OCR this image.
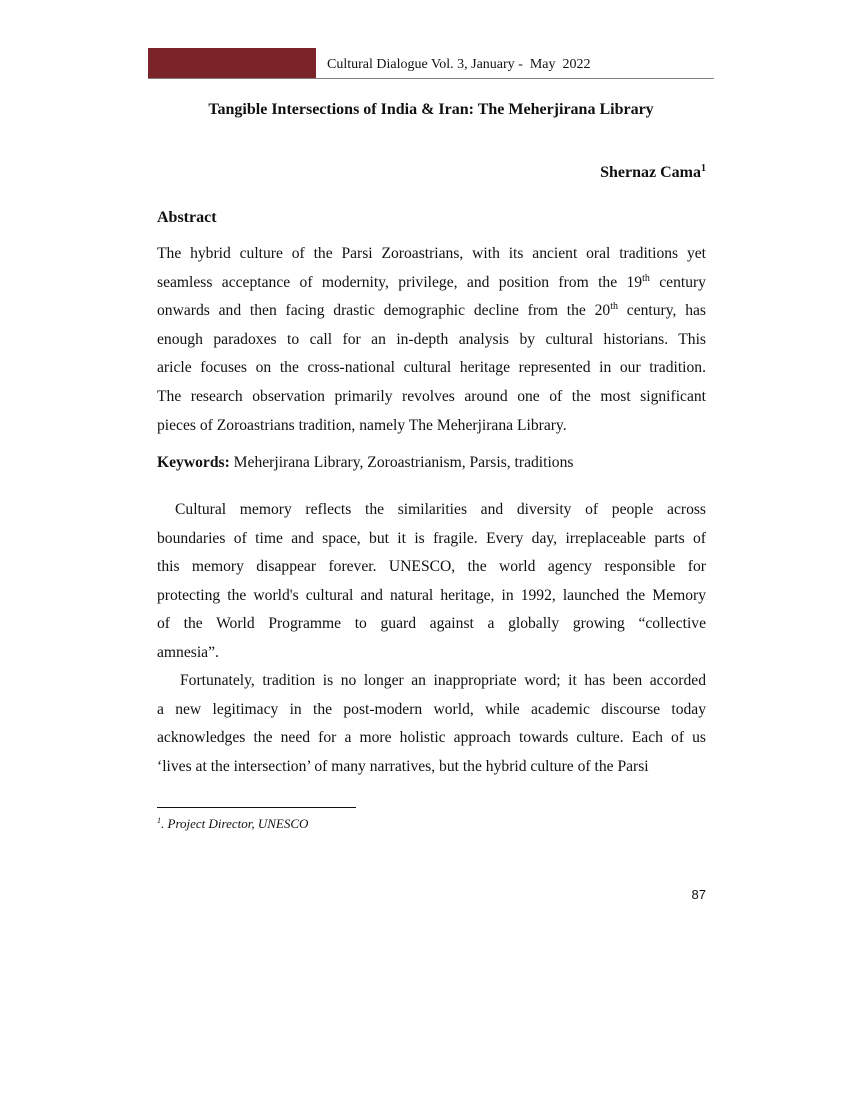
Cultural Dialogue Vol. 3, January -  May  2022
Tangible Intersections of India & Iran: The Meherjirana Library
Shernaz Cama$^1$
Abstract
The hybrid culture of the Parsi Zoroastrians, with its ancient oral traditions yet
seamless acceptance of modernity, privilege, and position from the 19th century
onwards and then facing drastic demographic decline from the 20th century, has
enough paradoxes to call for an in-depth analysis by cultural historians. This
aricle focuses on the cross-national cultural heritage represented in our tradition.
The research observation primarily revolves around one of the most significant
pieces of Zoroastrians tradition, namely The Meherjirana Library.
Keywords: Meherjirana Library, Zoroastrianism, Parsis, traditions
Cultural memory reflects the similarities and diversity of people across
boundaries of time and space, but it is fragile. Every day, irreplaceable parts of
this memory disappear forever. UNESCO, the world agency responsible for
protecting the world's cultural and natural heritage, in 1992, launched the Memory
of the World Programme to guard against a globally growing “collective
amnesia”.
Fortunately, tradition is no longer an inappropriate word; it has been accorded
a new legitimacy in the post-modern world, while academic discourse today
acknowledges the need for a more holistic approach towards culture. Each of us
‘lives at the intersection’ of many narratives, but the hybrid culture of the Parsi
$^1$. Project Director, UNESCO
87
